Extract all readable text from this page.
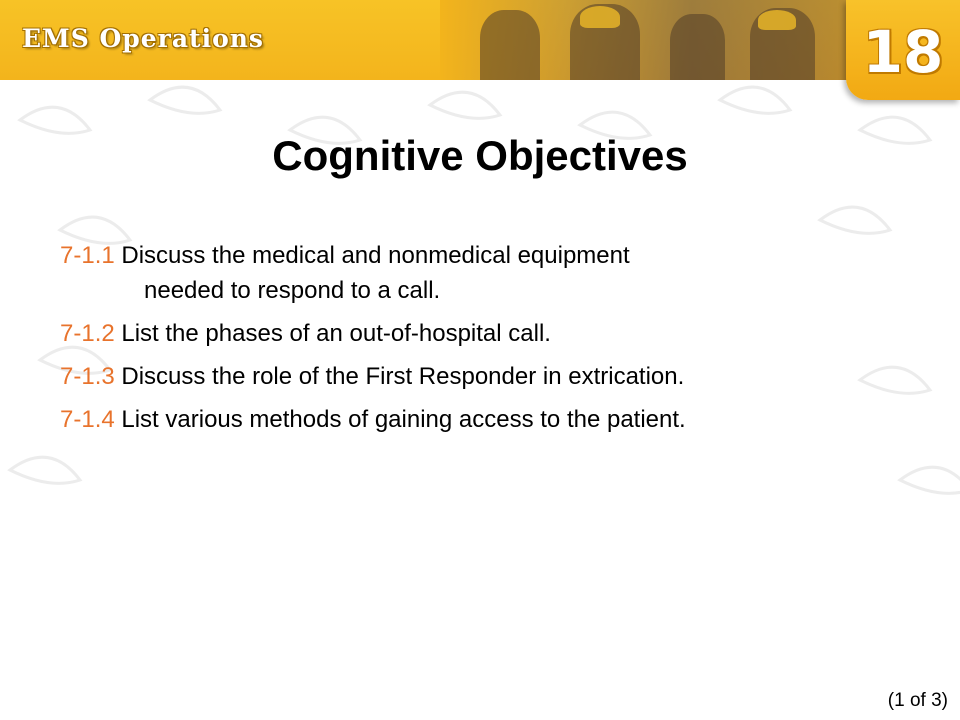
EMS Operations	18
Cognitive Objectives
7-1.1 Discuss the medical and nonmedical equipment
needed to respond to a call.
7-1.2 List the phases of an out-of-hospital call.
7-1.3 Discuss the role of the First Responder in extrication.
7-1.4 List various methods of gaining access to the patient.
(1 of 3)
